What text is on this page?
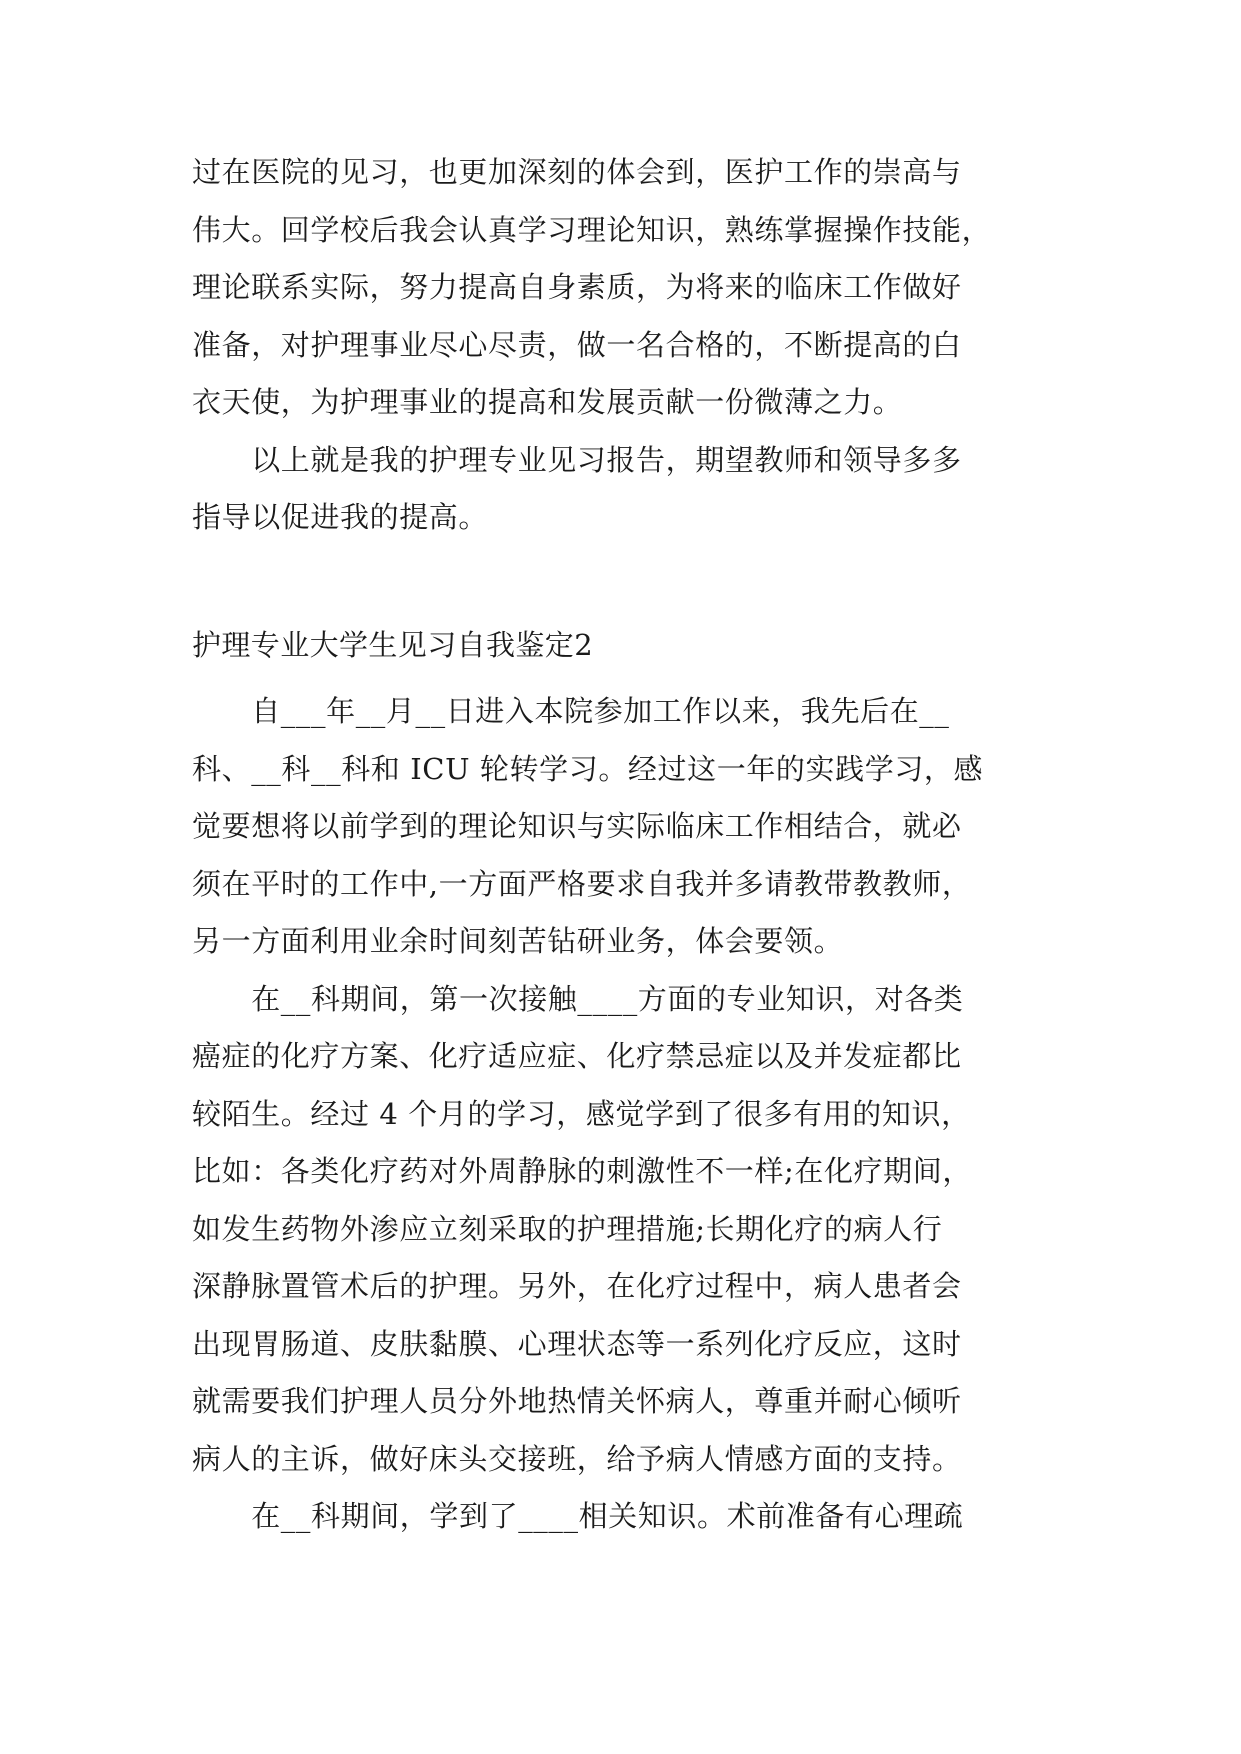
过在医院的见习，也更加深刻的体会到，医护工作的崇高与
伟大。回学校后我会认真学习理论知识，熟练掌握操作技能，
理论联系实际，努力提高自身素质，为将来的临床工作做好
准备，对护理事业尽心尽责，做一名合格的，不断提高的白
衣天使，为护理事业的提高和发展贡献一份微薄之力。
　　以上就是我的护理专业见习报告，期望教师和领导多多
指导以促进我的提高。
护理专业大学生见习自我鉴定2
　　自___年__月__日进入本院参加工作以来，我先后在__
科、__科__科和 ICU 轮转学习。经过这一年的实践学习，感
觉要想将以前学到的理论知识与实际临床工作相结合，就必
须在平时的工作中,一方面严格要求自我并多请教带教教师，
另一方面利用业余时间刻苦钻研业务，体会要领。
　　在__科期间，第一次接触____方面的专业知识，对各类
癌症的化疗方案、化疗适应症、化疗禁忌症以及并发症都比
较陌生。经过 4 个月的学习，感觉学到了很多有用的知识，
比如：各类化疗药对外周静脉的刺激性不一样;在化疗期间，
如发生药物外渗应立刻采取的护理措施;长期化疗的病人行
深静脉置管术后的护理。另外，在化疗过程中，病人患者会
出现胃肠道、皮肤黏膜、心理状态等一系列化疗反应，这时
就需要我们护理人员分外地热情关怀病人，尊重并耐心倾听
病人的主诉，做好床头交接班，给予病人情感方面的支持。
　　在__科期间，学到了____相关知识。术前准备有心理疏
